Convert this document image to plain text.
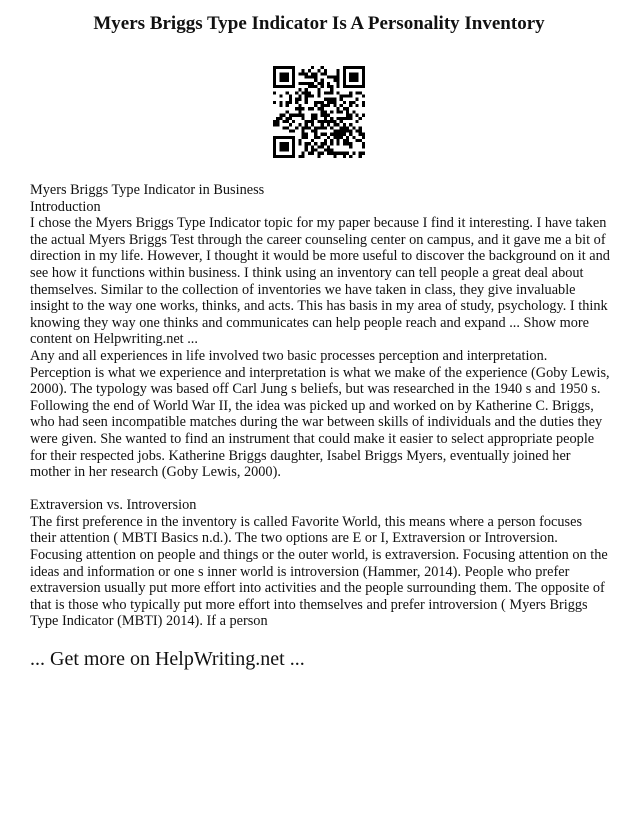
Myers Briggs Type Indicator Is A Personality Inventory

Myers Briggs Type Indicator in Business

Introduction

I chose the Myers Briggs Type Indicator topic for my paper because I find it interesting. I have taken the actual Myers Briggs Test through the career counseling center on campus, and it gave me a bit of direction in my life. However, I thought it would be more useful to discover the background on it and see how it functions within business. I think using an inventory can tell people a great deal about themselves. Similar to the collection of inventories we have taken in class, they give invaluable insight to the way one works, thinks, and acts. This has basis in my area of study, psychology. I think knowing they way one thinks and communicates can help people reach and expand ... Show more content on Helpwriting.net ...

Any and all experiences in life involved two basic processes perception and interpretation. Perception is what we experience and interpretation is what we make of the experience (Goby Lewis, 2000). The typology was based off Carl Jung s beliefs, but was researched in the 1940 s and 1950 s. Following the end of World War II, the idea was picked up and worked on by Katherine C. Briggs, who had seen incompatible matches during the war between skills of individuals and the duties they were given. She wanted to find an instrument that could make it easier to select appropriate people for their respected jobs. Katherine Briggs daughter, Isabel Briggs Myers, eventually joined her mother in her research (Goby Lewis, 2000).

Extraversion vs. Introversion

The first preference in the inventory is called Favorite World, this means where a person focuses their attention ( MBTI Basics n.d.). The two options are E or I, Extraversion or Introversion. Focusing attention on people and things or the outer world, is extraversion. Focusing attention on the ideas and information or one s inner world is introversion (Hammer, 2014). People who prefer extraversion usually put more effort into activities and the people surrounding them. The opposite of that is those who typically put more effort into themselves and prefer introversion ( Myers Briggs Type Indicator (MBTI) 2014). If a person

... Get more on HelpWriting.net ...
